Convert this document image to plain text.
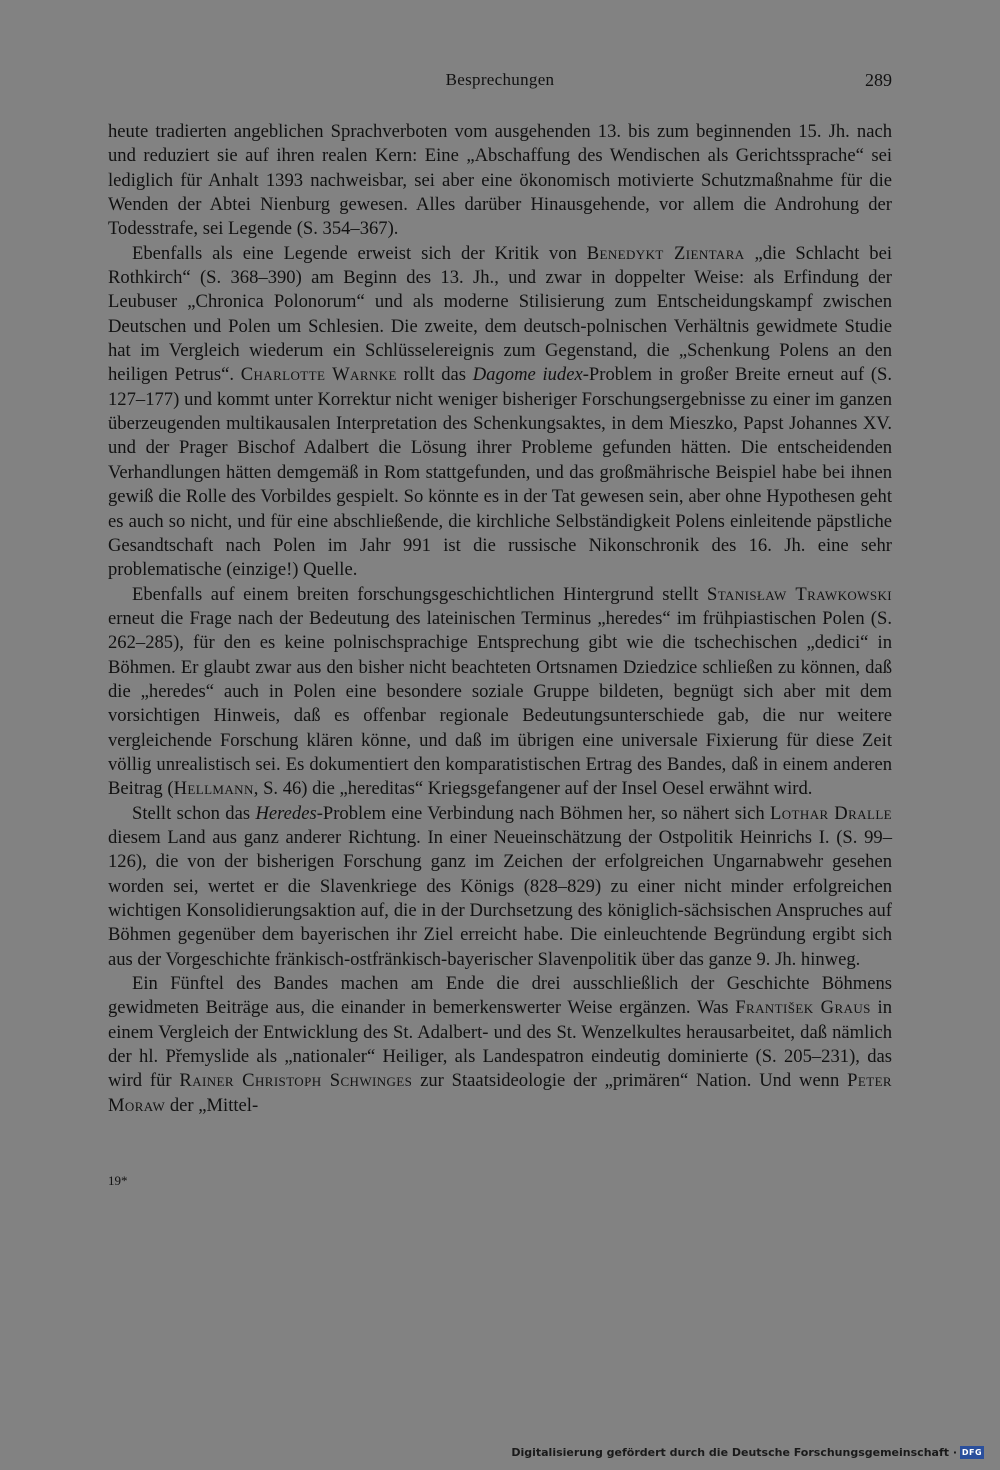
Besprechungen	289

heute tradierten angeblichen Sprachverboten vom ausgehenden 13. bis zum beginnenden 15. Jh. nach und reduziert sie auf ihren realen Kern: Eine „Abschaffung des Wendischen als Gerichtssprache“ sei lediglich für Anhalt 1393 nachweisbar, sei aber eine ökonomisch motivierte Schutzmaßnahme für die Wenden der Abtei Nienburg gewesen. Alles darüber Hinausgehende, vor allem die Androhung der Todesstrafe, sei Legende (S. 354–367).

Ebenfalls als eine Legende erweist sich der Kritik von Benedykt Zientara „die Schlacht bei Rothkirch“ (S. 368–390) am Beginn des 13. Jh., und zwar in doppelter Weise: als Erfindung der Leubuser „Chronica Polonorum“ und als moderne Stilisierung zum Entscheidungskampf zwischen Deutschen und Polen um Schlesien. Die zweite, dem deutsch-polnischen Verhältnis gewidmete Studie hat im Vergleich wiederum ein Schlüsselereignis zum Gegenstand, die „Schenkung Polens an den heiligen Petrus“. Charlotte Warnke rollt das Dagome iudex-Problem in großer Breite erneut auf (S. 127–177) und kommt unter Korrektur nicht weniger bisheriger Forschungsergebnisse zu einer im ganzen überzeugenden multikausalen Interpretation des Schenkungsaktes, in dem Mieszko, Papst Johannes XV. und der Prager Bischof Adalbert die Lösung ihrer Probleme gefunden hätten. Die entscheidenden Verhandlungen hätten demgemäß in Rom stattgefunden, und das großmährische Beispiel habe bei ihnen gewiß die Rolle des Vorbildes gespielt. So könnte es in der Tat gewesen sein, aber ohne Hypothesen geht es auch so nicht, und für eine abschließende, die kirchliche Selbständigkeit Polens einleitende päpstliche Gesandtschaft nach Polen im Jahr 991 ist die russische Nikonschronik des 16. Jh. eine sehr problematische (einzige!) Quelle.

Ebenfalls auf einem breiten forschungsgeschichtlichen Hintergrund stellt Stanisław Trawkowski erneut die Frage nach der Bedeutung des lateinischen Terminus „heredes“ im frühpiastischen Polen (S. 262–285), für den es keine polnischsprachige Entsprechung gibt wie die tschechischen „dedici“ in Böhmen. Er glaubt zwar aus den bisher nicht beachteten Ortsnamen Dziedzice schließen zu können, daß die „heredes“ auch in Polen eine besondere soziale Gruppe bildeten, begnügt sich aber mit dem vorsichtigen Hinweis, daß es offenbar regionale Bedeutungsunterschiede gab, die nur weitere vergleichende Forschung klären könne, und daß im übrigen eine universale Fixierung für diese Zeit völlig unrealistisch sei. Es dokumentiert den komparatistischen Ertrag des Bandes, daß in einem anderen Beitrag (Hellmann, S. 46) die „hereditas“ Kriegsgefangener auf der Insel Oesel erwähnt wird.

Stellt schon das Heredes-Problem eine Verbindung nach Böhmen her, so nähert sich Lothar Dralle diesem Land aus ganz anderer Richtung. In einer Neueinschätzung der Ostpolitik Heinrichs I. (S. 99–126), die von der bisherigen Forschung ganz im Zeichen der erfolgreichen Ungarnabwehr gesehen worden sei, wertet er die Slavenkriege des Königs (828–829) zu einer nicht minder erfolgreichen wichtigen Konsolidierungsaktion auf, die in der Durchsetzung des königlich-sächsischen Anspruches auf Böhmen gegenüber dem bayerischen ihr Ziel erreicht habe. Die einleuchtende Begründung ergibt sich aus der Vorgeschichte fränkisch-ostfränkisch-bayerischer Slavenpolitik über das ganze 9. Jh. hinweg.

Ein Fünftel des Bandes machen am Ende die drei ausschließlich der Geschichte Böhmens gewidmeten Beiträge aus, die einander in bemerkenswerter Weise ergänzen. Was František Graus in einem Vergleich der Entwicklung des St. Adalbert- und des St. Wenzelkultes herausarbeitet, daß nämlich der hl. Přemyslide als „nationaler“ Heiliger, als Landespatron eindeutig dominierte (S. 205–231), das wird für Rainer Christoph Schwinges zur Staatsideologie der „primären“ Nation. Und wenn Peter Moraw der „Mittel-

19*
Digitalisierung gefördert durch die Deutsche Forschungsgemeinschaft · DFG
